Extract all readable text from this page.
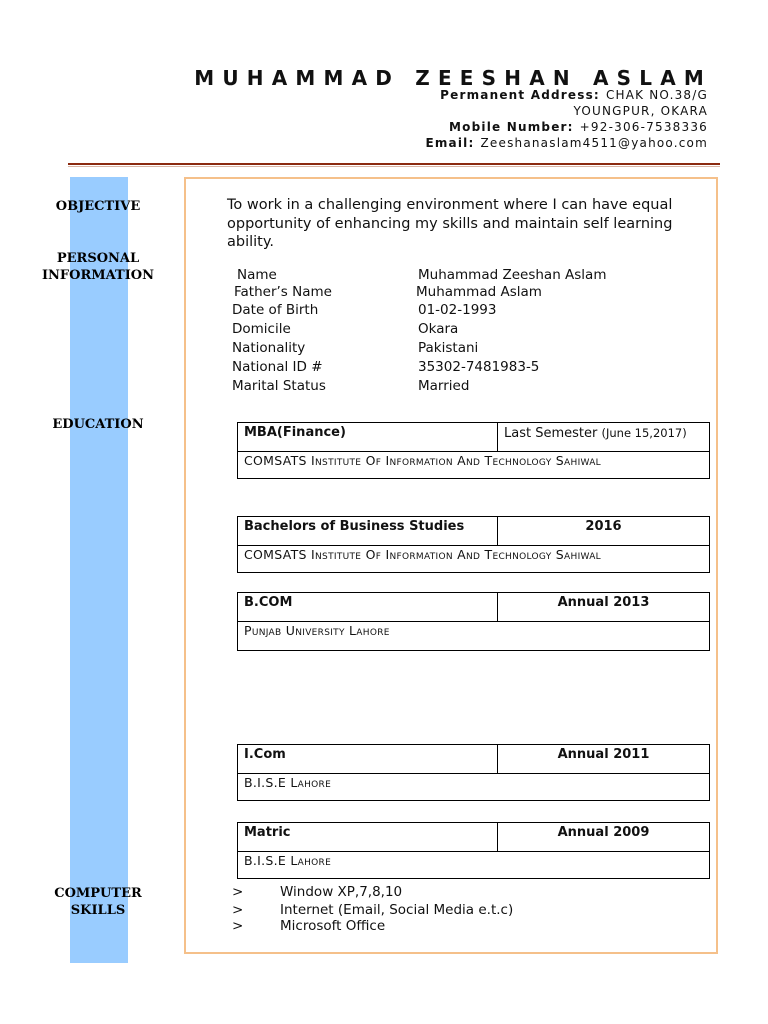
MUHAMMAD ZEESHAN ASLAM
Permanent Address: CHAK NO.38/G
YOUNGPUR, OKARA
Mobile Number: +92-306-7538336
Email: Zeeshanaslam4511@yahoo.com
OBJECTIVE
PERSONAL
INFORMATION
EDUCATION
COMPUTER
SKILLS
To work in a challenging environment where I can have equal opportunity of enhancing my skills and maintain self learning ability.
Name	Muhammad Zeeshan Aslam
Father’s Name	Muhammad Aslam
Date of Birth	01-02-1993
Domicile	Okara
Nationality	Pakistani
National ID #	35302-7481983-5
Marital Status	Married
MBA(Finance)	Last Semester (June 15,2017)
COMSATS Institute Of Information And Technology Sahiwal
Bachelors of Business Studies	2016
COMSATS Institute Of Information And Technology Sahiwal
B.COM	Annual 2013
Punjab University Lahore
I.Com	Annual 2011
B.I.S.E Lahore
Matric	Annual 2009
B.I.S.E Lahore
>	Window XP,7,8,10
>	Internet (Email, Social Media e.t.c)
>	Microsoft Office
